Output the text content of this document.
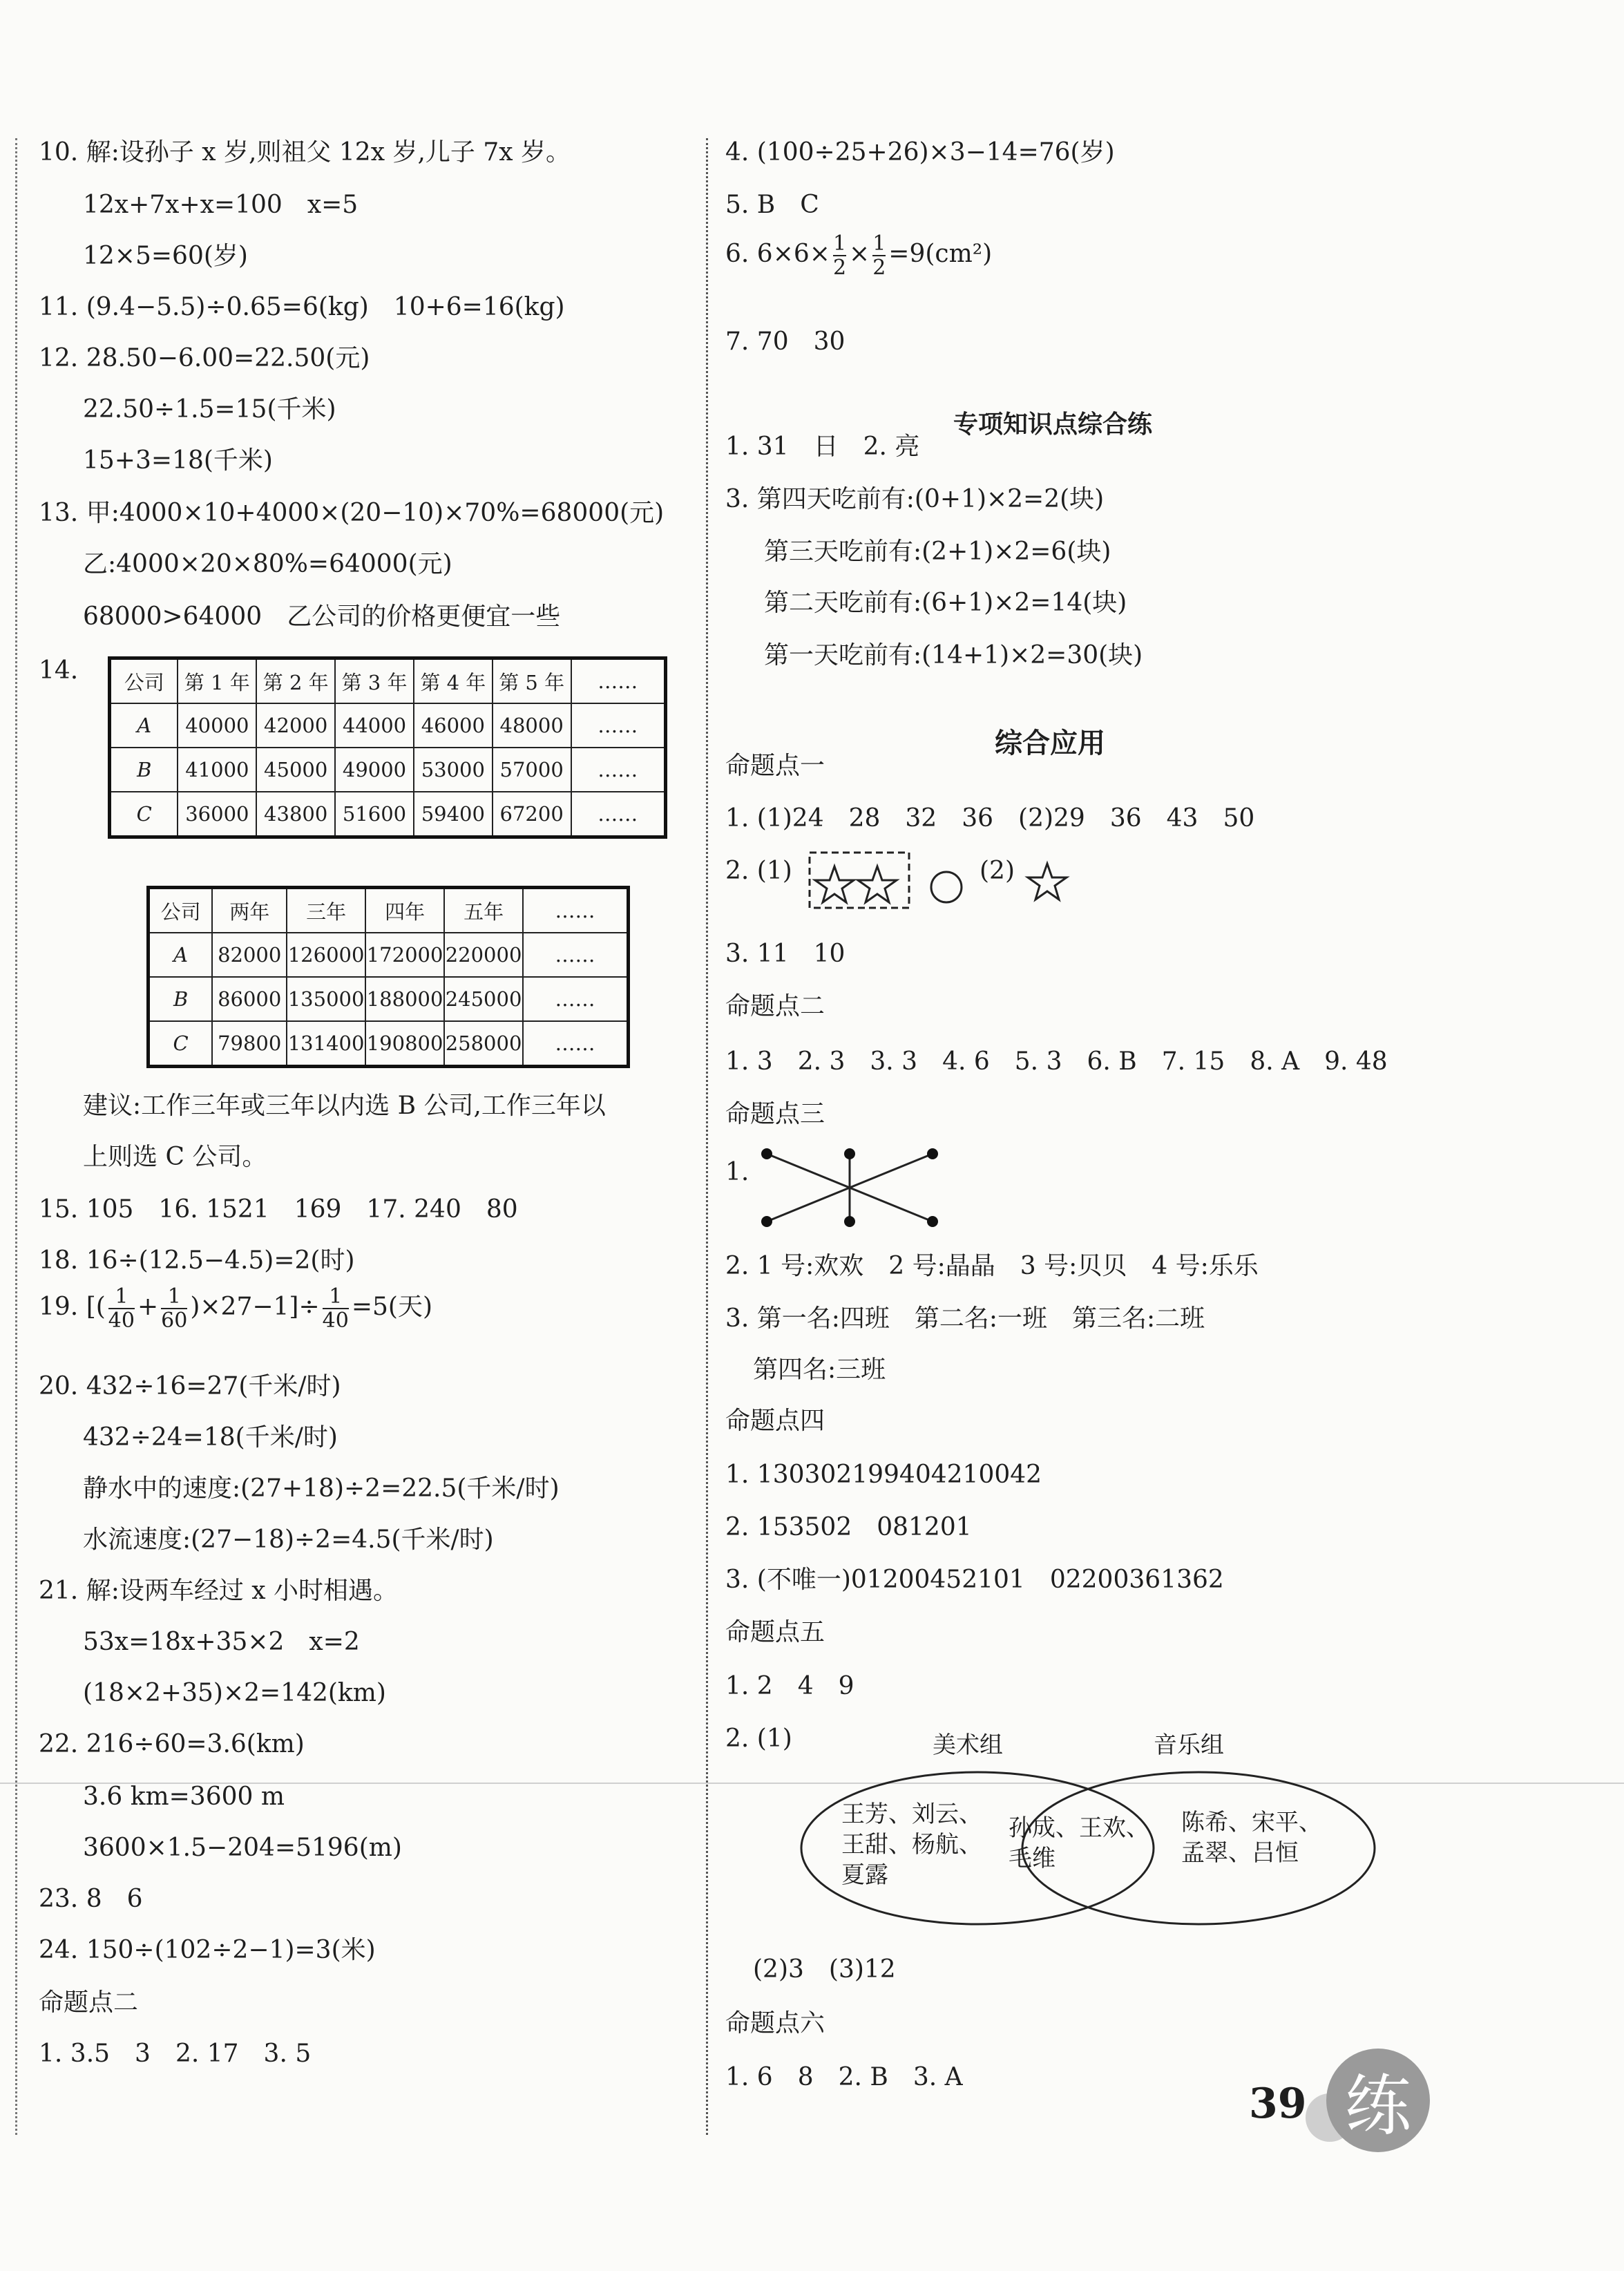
10. 解:设孙子 x 岁,则祖父 12x 岁,儿子 7x 岁。

12x+7x+x=100　x=5

12×5=60(岁)

11. (9.4−5.5)÷0.65=6(kg)　10+6=16(kg)

12. 28.50−6.00=22.50(元)

22.50÷1.5=15(千米)

15+3=18(千米)

13. 甲:4000×10+4000×(20−10)×70%=68000(元)

乙:4000×20×80%=64000(元)

68000>64000　乙公司的价格更便宜一些

14. 公司	第 1 年	第 2 年	第 3 年	第 4 年	第 5 年	……
A	40000	42000	44000	46000	48000	……
B	41000	45000	49000	53000	57000	……
C	36000	43800	51600	59400	67200	……
公司	两年	三年	四年	五年	……
A	82000	126000	172000	220000	……
B	86000	135000	188000	245000	……
C	79800	131400	190800	258000	……

建议:工作三年或三年以内选 B 公司,工作三年以

上则选 C 公司。

15. 105　16. 1521　169　17. 240　80

18. 16÷(12.5−4.5)=2(时)

19. [( $\frac{1}{40} + \frac{1}{60} )\times 27-1]\div \frac{1}{40} =5$(天)

20. 432÷16=27(千米/时)

432÷24=18(千米/时)

静水中的速度:(27+18)÷2=22.5(千米/时)

水流速度:(27−18)÷2=4.5(千米/时)

21. 解:设两车经过 x 小时相遇。

53x=18x+35×2　x=2

(18×2+35)×2=142(km)

22. 216÷60=3.6(km)

3.6 km=3600 m

3600×1.5−204=5196(m)

23. 8　6

24. 150÷(102÷2−1)=3(米)

命题点二

1. 3.5　3　2. 17　3. 5

4. (100÷25+26)×3−14=76(岁)

5. B　C

6. $6\times 6\times \frac{1}{2} \times \frac{1}{2} =9(cm^2)$

7. 70　30

专项知识点综合练

1. 31　日　2. 亮

3. 第四天吃前有:(0+1)×2=2(块)

第三天吃前有:(2+1)×2=6(块)

第二天吃前有:(6+1)×2=14(块)

第一天吃前有:(14+1)×2=30(块)

综合应用

命题点一

1. (1)24　28　32　36　(2)29　36　43　50

2. (1)	(2)

3. 11　10

命题点二

1. 3　2. 3　3. 3　4. 6　5. 3　6. B　7. 15　8. A　9. 48

命题点三

1.

2. 1 号:欢欢　2 号:晶晶　3 号:贝贝　4 号:乐乐

3. 第一名:四班　第二名:一班　第三名:二班

第四名:三班

命题点四

1. 130302199404210042

2. 153502　081201

3. (不唯一)01200452101　02200361362

命题点五

1. 2　4　9

2. (1)	美术组	音乐组
王芳、刘云、
王甜、杨航、
夏露
孙成、王欢、
毛维
陈希、宋平、
孟翠、吕恒

(2)3　(3)12

命题点六

1. 6　8　2. B　3. A	练
39
